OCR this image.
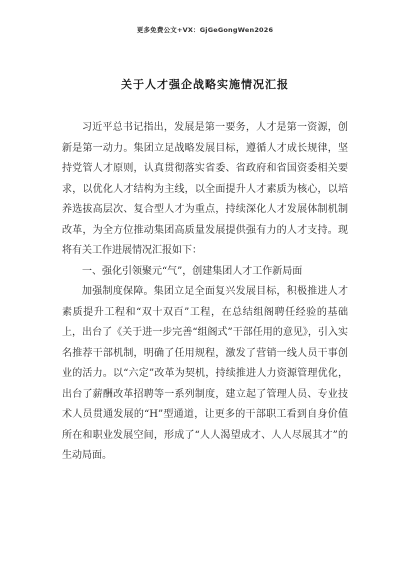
更多免费公文+VX：GjGeGongWen2026
关于人才强企战略实施情况汇报

习近平总书记指出，发展是第一要务，人才是第一资源，创新是第一动力。集团立足战略发展目标，遵循人才成长规律，坚持党管人才原则，认真贯彻落实省委、省政府和省国资委相关要求，以优化人才结构为主线，以全面提升人才素质为核心，以培养选拔高层次、复合型人才为重点，持续深化人才发展体制机制改革，为全方位推动集团高质量发展提供强有力的人才支持。现将有关工作进展情况汇报如下：

一、强化引领聚元“气”，创建集团人才工作新局面

加强制度保障。集团立足全面复兴发展目标，积极推进人才素质提升工程和“双十双百”工程，在总结组阁聘任经验的基础上，出台了《关于进一步完善“组阁式”干部任用的意见》，引入实名推荐干部机制，明确了任用规程，激发了营销一线人员干事创业的活力。以“六定”改革为契机，持续推进人力资源管理优化，出台了薪酬改革招聘等一系列制度，建立起了管理人员、专业技术人员贯通发展的“H”型通道，让更多的干部职工看到自身价值所在和职业发展空间，形成了“人人渴望成才、人人尽展其才”的生动局面。
